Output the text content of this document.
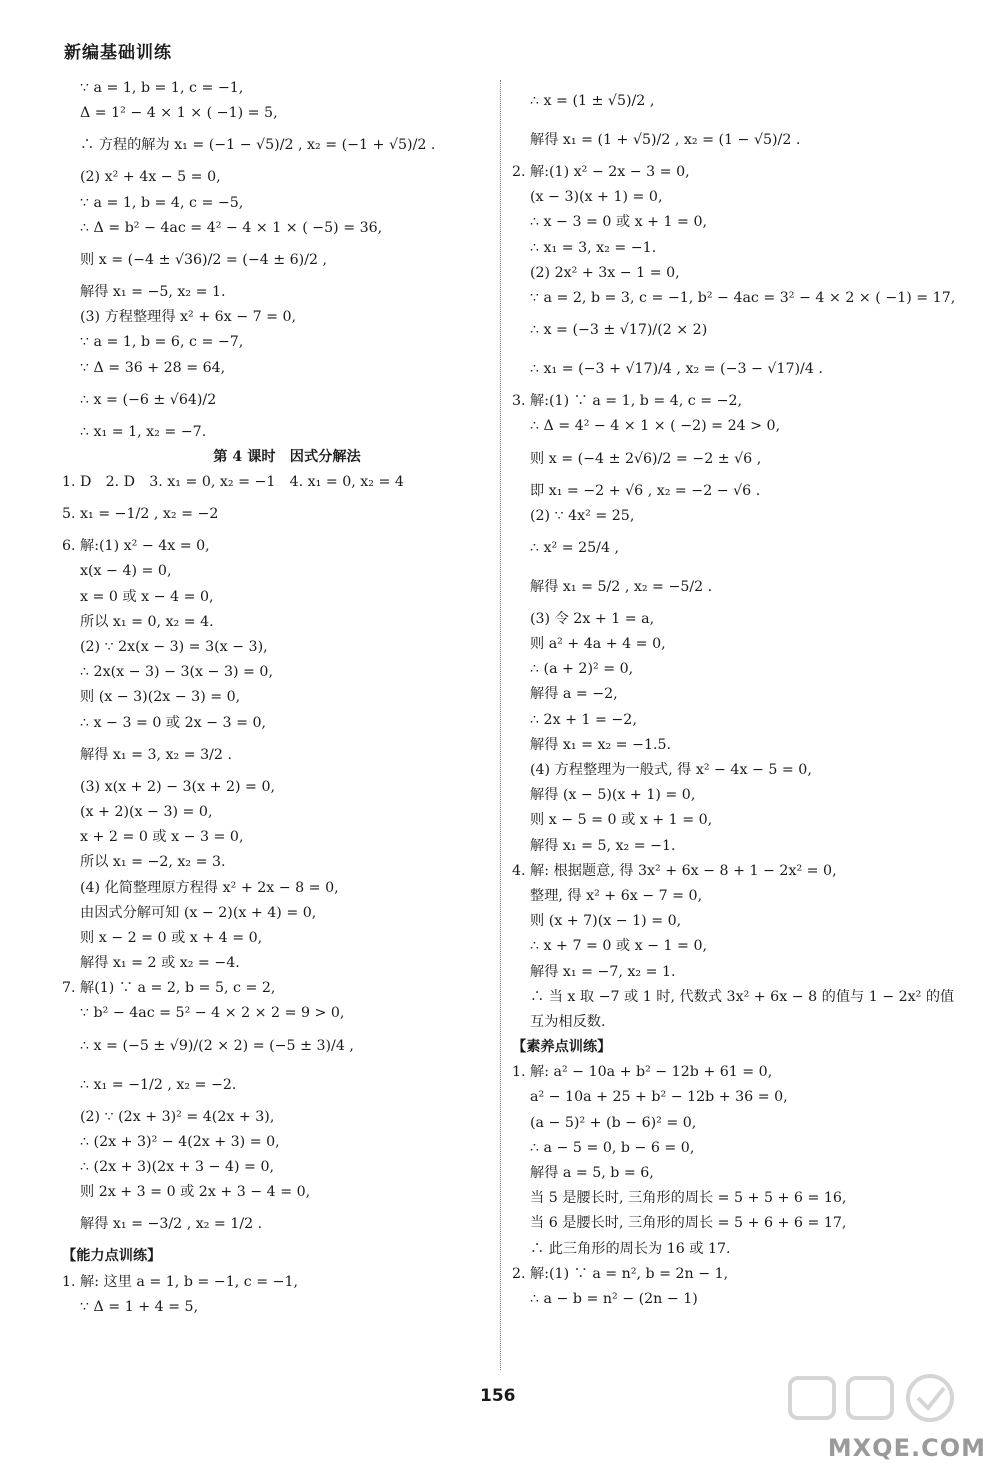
新编基础训练
∵ a = 1, b = 1, c = −1,
Δ = 1² − 4 × 1 × ( −1) = 5,
∴ 方程的解为 x₁ = (−1 − √5)/2 , x₂ = (−1 + √5)/2 .
(2) x² + 4x − 5 = 0,
∵ a = 1, b = 4, c = −5,
∴ Δ = b² − 4ac = 4² − 4 × 1 × ( −5) = 36,
则 x = (−4 ± √36)/2 = (−4 ± 6)/2 ,
解得 x₁ = −5, x₂ = 1.
(3) 方程整理得 x² + 6x − 7 = 0,
∵ a = 1, b = 6, c = −7,
∵ Δ = 36 + 28 = 64,
∴ x = (−6 ± √64)/2
∴ x₁ = 1, x₂ = −7.
第 4 课时　因式分解法
1. D　2. D　3. x₁ = 0, x₂ = −1　4. x₁ = 0, x₂ = 4
5. x₁ = −1/2 , x₂ = −2
6. 解:(1) x² − 4x = 0,
x(x − 4) = 0,
x = 0 或 x − 4 = 0,
所以 x₁ = 0, x₂ = 4.
(2) ∵ 2x(x − 3) = 3(x − 3),
∴ 2x(x − 3) − 3(x − 3) = 0,
则 (x − 3)(2x − 3) = 0,
∴ x − 3 = 0 或 2x − 3 = 0,
解得 x₁ = 3, x₂ = 3/2 .
(3) x(x + 2) − 3(x + 2) = 0,
(x + 2)(x − 3) = 0,
x + 2 = 0 或 x − 3 = 0,
所以 x₁ = −2, x₂ = 3.
(4) 化简整理原方程得 x² + 2x − 8 = 0,
由因式分解可知 (x − 2)(x + 4) = 0,
则 x − 2 = 0 或 x + 4 = 0,
解得 x₁ = 2 或 x₂ = −4.
7. 解(1) ∵ a = 2, b = 5, c = 2,
∵ b² − 4ac = 5² − 4 × 2 × 2 = 9 > 0,
∴ x = (−5 ± √9)/(2 × 2) = (−5 ± 3)/4 ,
∴ x₁ = −1/2 , x₂ = −2.
(2) ∵ (2x + 3)² = 4(2x + 3),
∴ (2x + 3)² − 4(2x + 3) = 0,
∴ (2x + 3)(2x + 3 − 4) = 0,
则 2x + 3 = 0 或 2x + 3 − 4 = 0,
解得 x₁ = −3/2 , x₂ = 1/2 .
【能力点训练】
1. 解: 这里 a = 1, b = −1, c = −1,
∵ Δ = 1 + 4 = 5,
∴ x = (1 ± √5)/2 ,
解得 x₁ = (1 + √5)/2 , x₂ = (1 − √5)/2 .
2. 解:(1) x² − 2x − 3 = 0,
(x − 3)(x + 1) = 0,
∴ x − 3 = 0 或 x + 1 = 0,
∴ x₁ = 3, x₂ = −1.
(2) 2x² + 3x − 1 = 0,
∵ a = 2, b = 3, c = −1, b² − 4ac = 3² − 4 × 2 × ( −1) = 17,
∴ x = (−3 ± √17)/(2 × 2)
∴ x₁ = (−3 + √17)/4 , x₂ = (−3 − √17)/4 .
3. 解:(1) ∵ a = 1, b = 4, c = −2,
∴ Δ = 4² − 4 × 1 × ( −2) = 24 > 0,
则 x = (−4 ± 2√6)/2 = −2 ± √6 ,
即 x₁ = −2 + √6 , x₂ = −2 − √6 .
(2) ∵ 4x² = 25,
∴ x² = 25/4 ,
解得 x₁ = 5/2 , x₂ = −5/2 .
(3) 令 2x + 1 = a,
则 a² + 4a + 4 = 0,
∴ (a + 2)² = 0,
解得 a = −2,
∴ 2x + 1 = −2,
解得 x₁ = x₂ = −1.5.
(4) 方程整理为一般式, 得 x² − 4x − 5 = 0,
解得 (x − 5)(x + 1) = 0,
则 x − 5 = 0 或 x + 1 = 0,
解得 x₁ = 5, x₂ = −1.
4. 解: 根据题意, 得 3x² + 6x − 8 + 1 − 2x² = 0,
整理, 得 x² + 6x − 7 = 0,
则 (x + 7)(x − 1) = 0,
∴ x + 7 = 0 或 x − 1 = 0,
解得 x₁ = −7, x₂ = 1.
∴ 当 x 取 −7 或 1 时, 代数式 3x² + 6x − 8 的值与 1 − 2x² 的值
互为相反数.
【素养点训练】
1. 解: a² − 10a + b² − 12b + 61 = 0,
a² − 10a + 25 + b² − 12b + 36 = 0,
(a − 5)² + (b − 6)² = 0,
∴ a − 5 = 0, b − 6 = 0,
解得 a = 5, b = 6,
当 5 是腰长时, 三角形的周长 = 5 + 5 + 6 = 16,
当 6 是腰长时, 三角形的周长 = 5 + 6 + 6 = 17,
∴ 此三角形的周长为 16 或 17.
2. 解:(1) ∵ a = n², b = 2n − 1,
∴ a − b = n² − (2n − 1)
156
MXQE.COM
